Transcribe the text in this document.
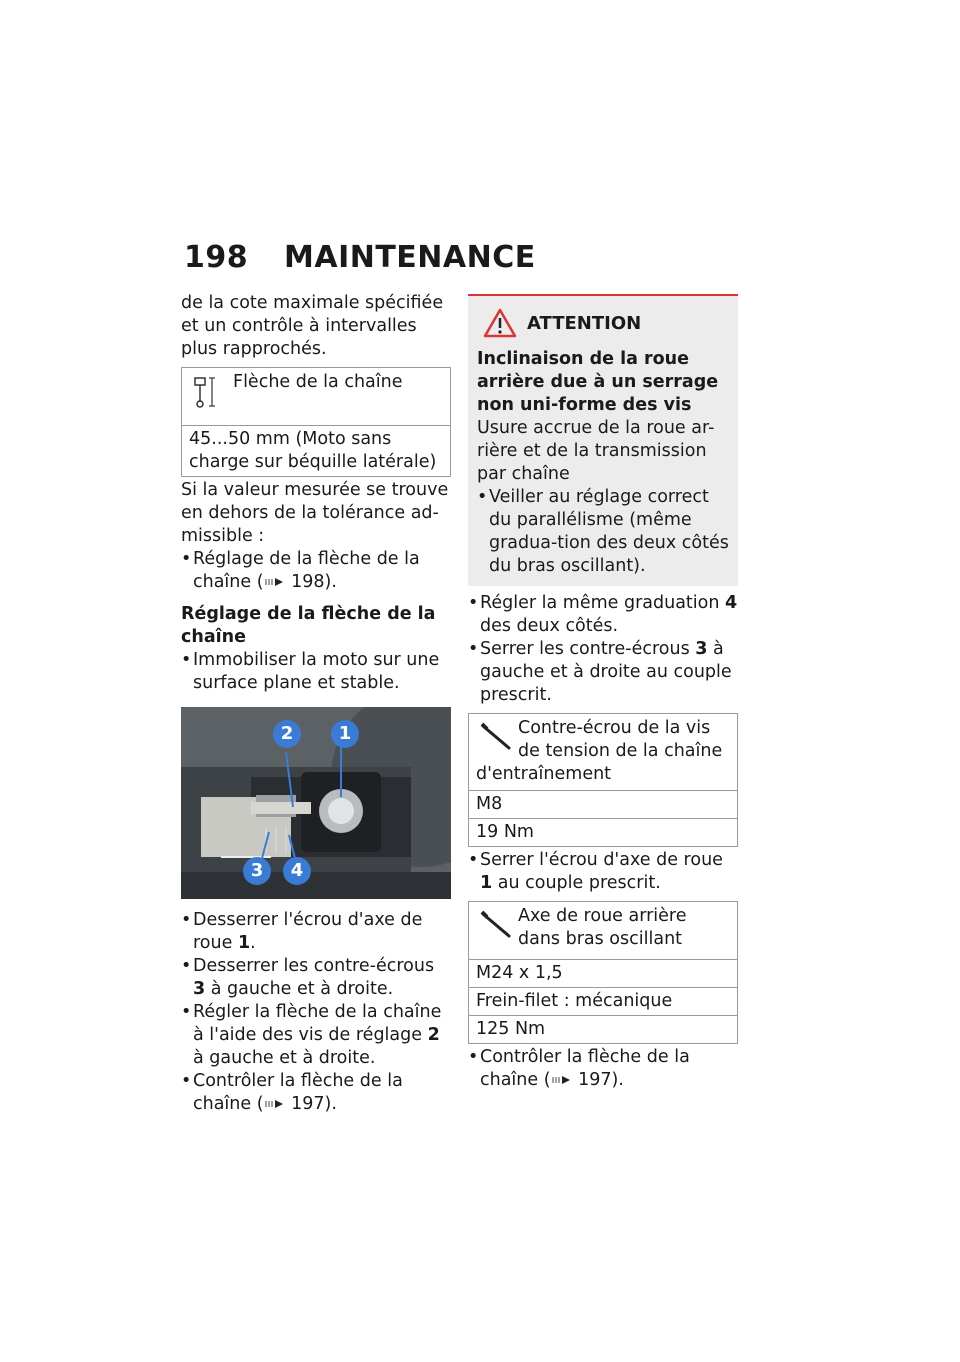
198 MAINTENANCE

de la cote maximale spécifiée et un contrôle à intervalles plus rapprochés.

Flèche de la chaîne
45...50 mm (Moto sans charge sur béquille latérale)

Si la valeur mesurée se trouve en dehors de la tolérance ad-missible :

• Réglage de la flèche de la chaîne ( 198).

Réglage de la flèche de la chaîne

• Immobiliser la moto sur une surface plane et stable.

1
2
3	4

• Desserrer l'écrou d'axe de roue 1.

• Desserrer les contre-écrous 3 à gauche et à droite.

• Régler la flèche de la chaîne à l'aide des vis de réglage 2 à gauche et à droite.

• Contrôler la flèche de la chaîne ( 197).

ATTENTION

Inclinaison de la roue arrière due à un serrage non uni-forme des vis

Usure accrue de la roue ar-rière et de la transmission par chaîne

• Veiller au réglage correct du parallélisme (même gradua-tion des deux côtés du bras oscillant).

• Régler la même graduation 4 des deux côtés.

• Serrer les contre-écrous 3 à gauche et à droite au couple prescrit.

Contre-écrou de la vis de tension de la chaîne
d'entraînement
M8
19 Nm

• Serrer l'écrou d'axe de roue 1 au couple prescrit.

Axe de roue arrière dans bras oscillant
M24 x 1,5
Frein-filet : mécanique
125 Nm

• Contrôler la flèche de la chaîne ( 197).
